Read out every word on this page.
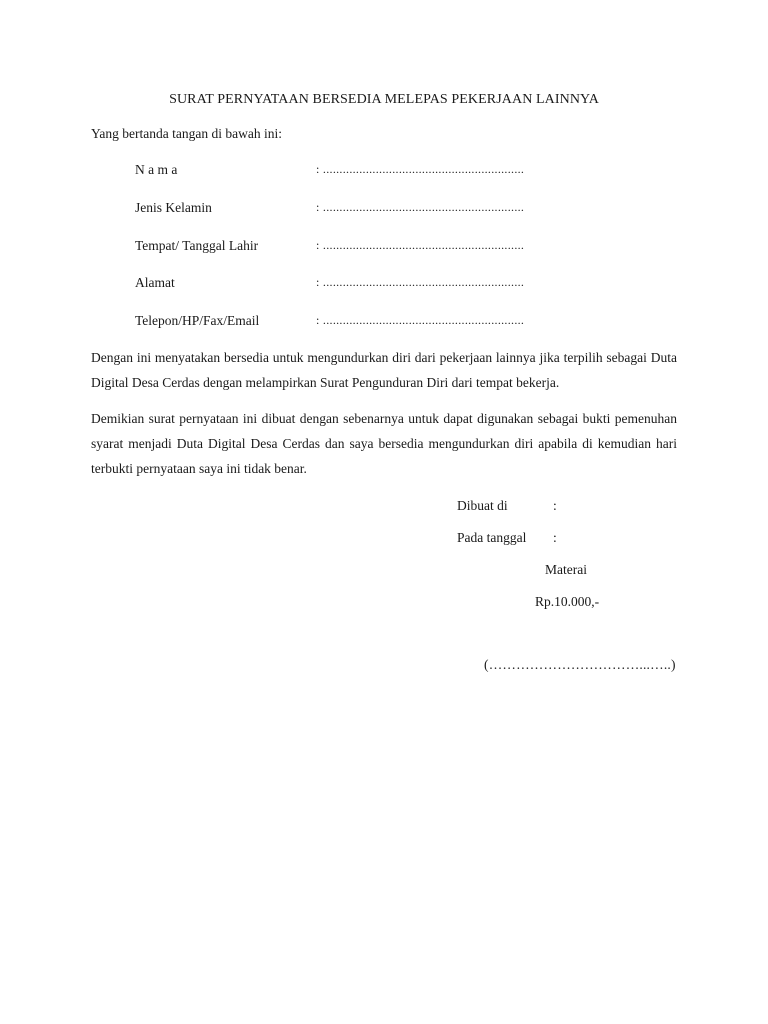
SURAT PERNYATAAN BERSEDIA MELEPAS PEKERJAAN LAINNYA
Yang bertanda tangan di bawah ini:
N a m a	: .............................................................
Jenis Kelamin	: .............................................................
Tempat/ Tanggal Lahir	: .............................................................
Alamat	: .............................................................
Telepon/HP/Fax/Email	: .............................................................
Dengan ini menyatakan bersedia untuk mengundurkan diri dari pekerjaan lainnya jika terpilih sebagai Duta Digital Desa Cerdas dengan melampirkan Surat Pengunduran Diri dari tempat bekerja.
Demikian surat pernyataan ini dibuat dengan sebenarnya untuk dapat digunakan sebagai bukti pemenuhan syarat menjadi Duta Digital Desa Cerdas dan saya bersedia mengundurkan diri apabila di kemudian hari terbukti pernyataan saya ini tidak benar.
Dibuat di	:
Pada tanggal :
Materai
Rp.10.000,-
(……………………………...…..)
